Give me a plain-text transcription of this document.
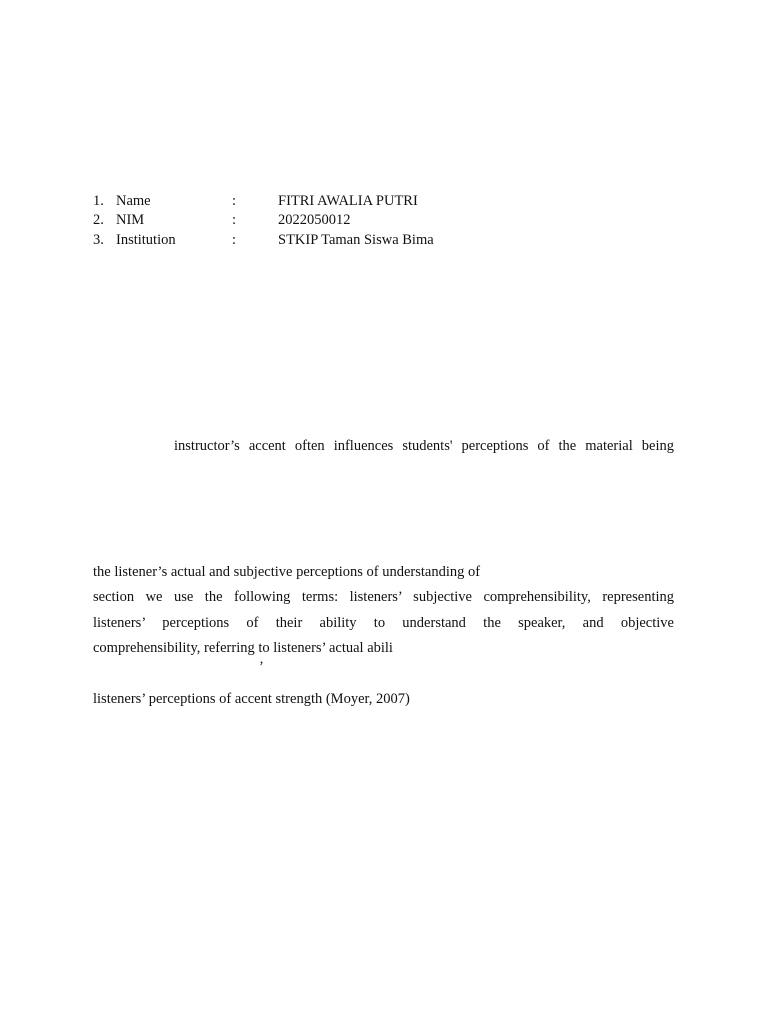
1. Name	:	FITRI AWALIA PUTRI
2. NIM	:	2022050012
3. Institution	:	STKIP Taman Siswa Bima
instructor’s accent often influences students' perceptions of the material being
the listener’s actual and subjective perceptions of understanding of
section we use the following terms: listeners’ subjective comprehensibility, representing
listeners’ perceptions of their ability to understand the speaker, and objective
comprehensibility, referring to listeners’ actual abili
’
listeners’ perceptions of accent strength (Moyer, 2007)
